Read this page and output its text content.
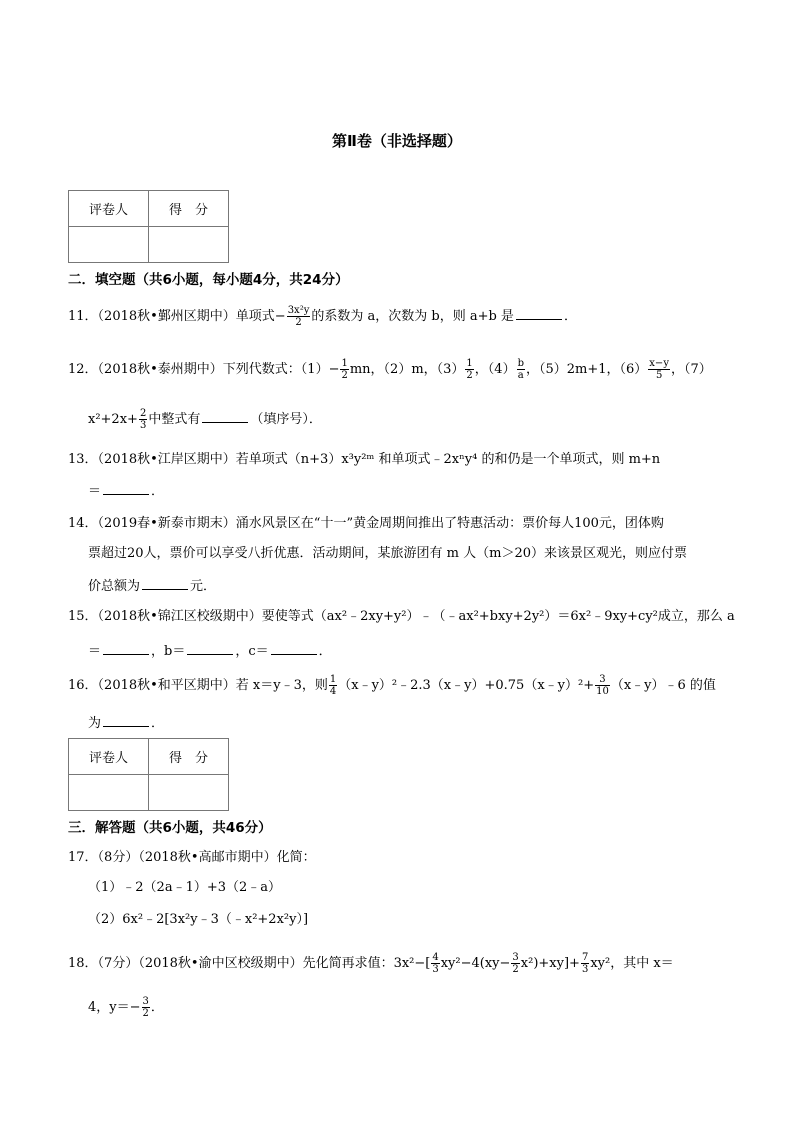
第Ⅱ卷（非选择题）
评卷人	得　分

二．填空题（共6小题，每小题4分，共24分）
11．（2018秋•鄞州区期中）单项式− $\frac{\text{3x²y}}{2}$ 的系数为 a，次数为 b，则 a+b 是	．
12．（2018秋•泰州期中）下列代数式：$(1)- \frac{1}{2}$ mn，（2）m，$(3) \frac{1}{2}$ ，$(4) \frac{b}{a}$ ，（5）2m+1，$(6) \frac{x-y}{5}$ ，（7）
$x^2+2x+ \frac{2}{3}$ 中整式有	（填序号）．
13．（2018秋•江岸区期中）若单项式（n+3）x³y²ᵐ 和单项式﹣2xⁿy⁴ 的和仍是一个单项式，则 m+n
＝	．
14．（2019春•新泰市期末）涌水风景区在“十一”黄金周期间推出了特惠活动：票价每人100元，团体购
票超过20人，票价可以享受八折优惠．活动期间，某旅游团有 m 人（m＞20）来该景区观光，则应付票
价总额为	元．
15．（2018秋•锦江区校级期中）要使等式（ax²﹣2xy+y²）﹣（﹣ax²+bxy+2y²）＝6x²﹣9xy+cy²成立，那么 a
＝	，b＝	，c＝	．
16．（2018秋•和平区期中）若 x＝y﹣3，则 $\frac{1}{4}$ （x﹣y）²﹣2.3（x﹣y）+0.75（x﹣y）²+ $\frac{3}{10}$ （x﹣y）﹣6 的值
为	．
评卷人	得　分

三．解答题（共6小题，共46分）
17．（8分）（2018秋•高邮市期中）化简：
（1）﹣2（2a﹣1）+3（2﹣a）
（2）6x²﹣2[3x²y﹣3（﹣x²+2x²y）]
18．（7分）（2018秋•渝中区校级期中）先化简再求值：$3x^2-[ \frac{4}{3} xy^2-4(xy- \frac{3}{2} x^2)+xy]+ \frac{7}{3} xy^2$，其中 x＝
4，$y=- \frac{3}{2}$ ．
